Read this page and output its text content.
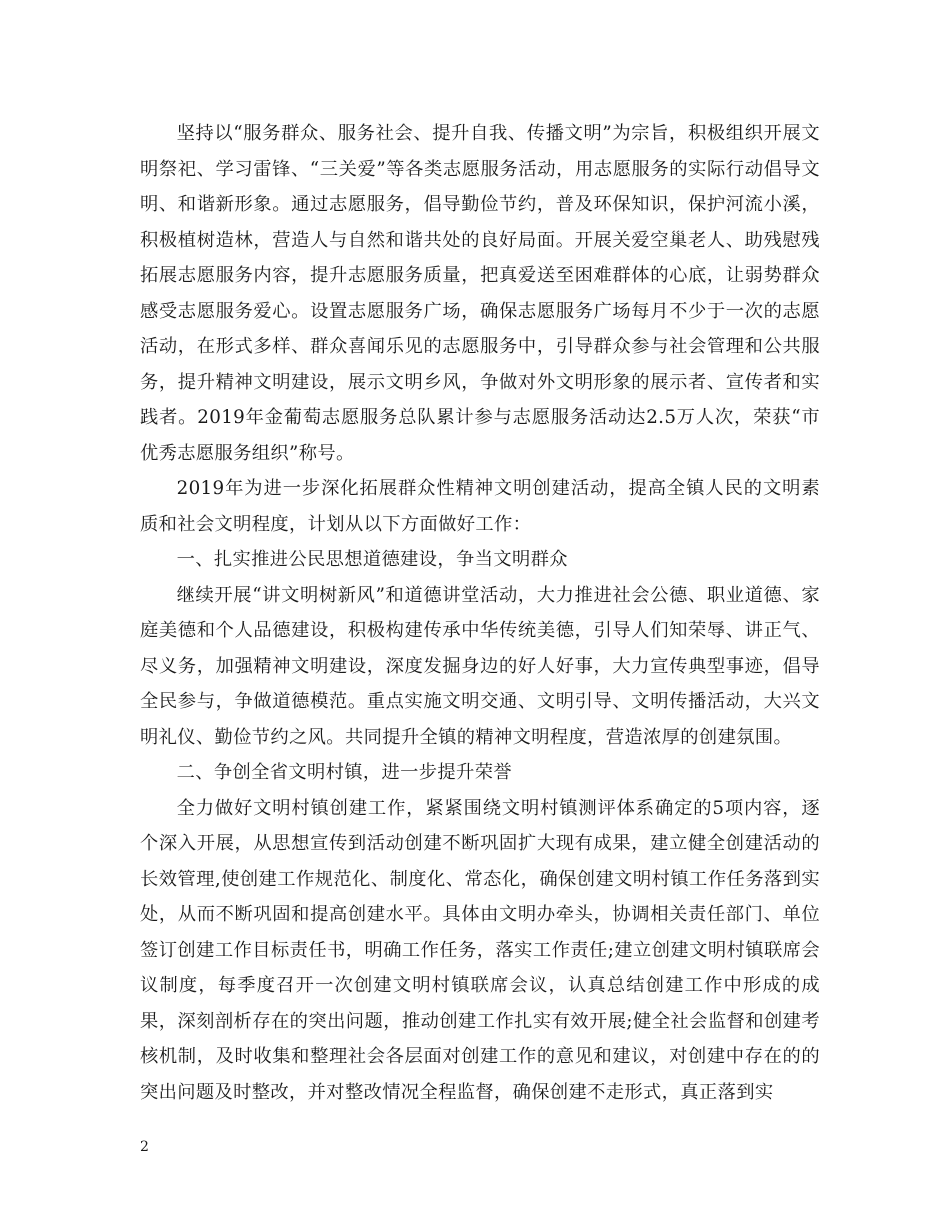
坚持以“服务群众、服务社会、提升自我、传播文明”为宗旨，积极组织开展文明祭祀、学习雷锋、“三关爱”等各类志愿服务活动，用志愿服务的实际行动倡导文明、和谐新形象。通过志愿服务，倡导勤俭节约，普及环保知识，保护河流小溪，积极植树造林，营造人与自然和谐共处的良好局面。开展关爱空巢老人、助残慰残拓展志愿服务内容，提升志愿服务质量，把真爱送至困难群体的心底，让弱势群众感受志愿服务爱心。设置志愿服务广场，确保志愿服务广场每月不少于一次的志愿活动，在形式多样、群众喜闻乐见的志愿服务中，引导群众参与社会管理和公共服务，提升精神文明建设，展示文明乡风，争做对外文明形象的展示者、宣传者和实践者。2019年金葡萄志愿服务总队累计参与志愿服务活动达2.5万人次，荣获“市优秀志愿服务组织”称号。

2019年为进一步深化拓展群众性精神文明创建活动，提高全镇人民的文明素质和社会文明程度，计划从以下方面做好工作：

一、扎实推进公民思想道德建设，争当文明群众

继续开展“讲文明树新风”和道德讲堂活动，大力推进社会公德、职业道德、家庭美德和个人品德建设，积极构建传承中华传统美德，引导人们知荣辱、讲正气、尽义务，加强精神文明建设，深度发掘身边的好人好事，大力宣传典型事迹，倡导全民参与，争做道德模范。重点实施文明交通、文明引导、文明传播活动，大兴文明礼仪、勤俭节约之风。共同提升全镇的精神文明程度，营造浓厚的创建氛围。

二、争创全省文明村镇，进一步提升荣誉

全力做好文明村镇创建工作，紧紧围绕文明村镇测评体系确定的5项内容，逐个深入开展，从思想宣传到活动创建不断巩固扩大现有成果，建立健全创建活动的长效管理,使创建工作规范化、制度化、常态化，确保创建文明村镇工作任务落到实处，从而不断巩固和提高创建水平。具体由文明办牵头，协调相关责任部门、单位签订创建工作目标责任书，明确工作任务，落实工作责任;建立创建文明村镇联席会议制度，每季度召开一次创建文明村镇联席会议，认真总结创建工作中形成的成果，深刻剖析存在的突出问题，推动创建工作扎实有效开展;健全社会监督和创建考核机制，及时收集和整理社会各层面对创建工作的意见和建议，对创建中存在的的突出问题及时整改，并对整改情况全程监督，确保创建不走形式，真正落到实

2
